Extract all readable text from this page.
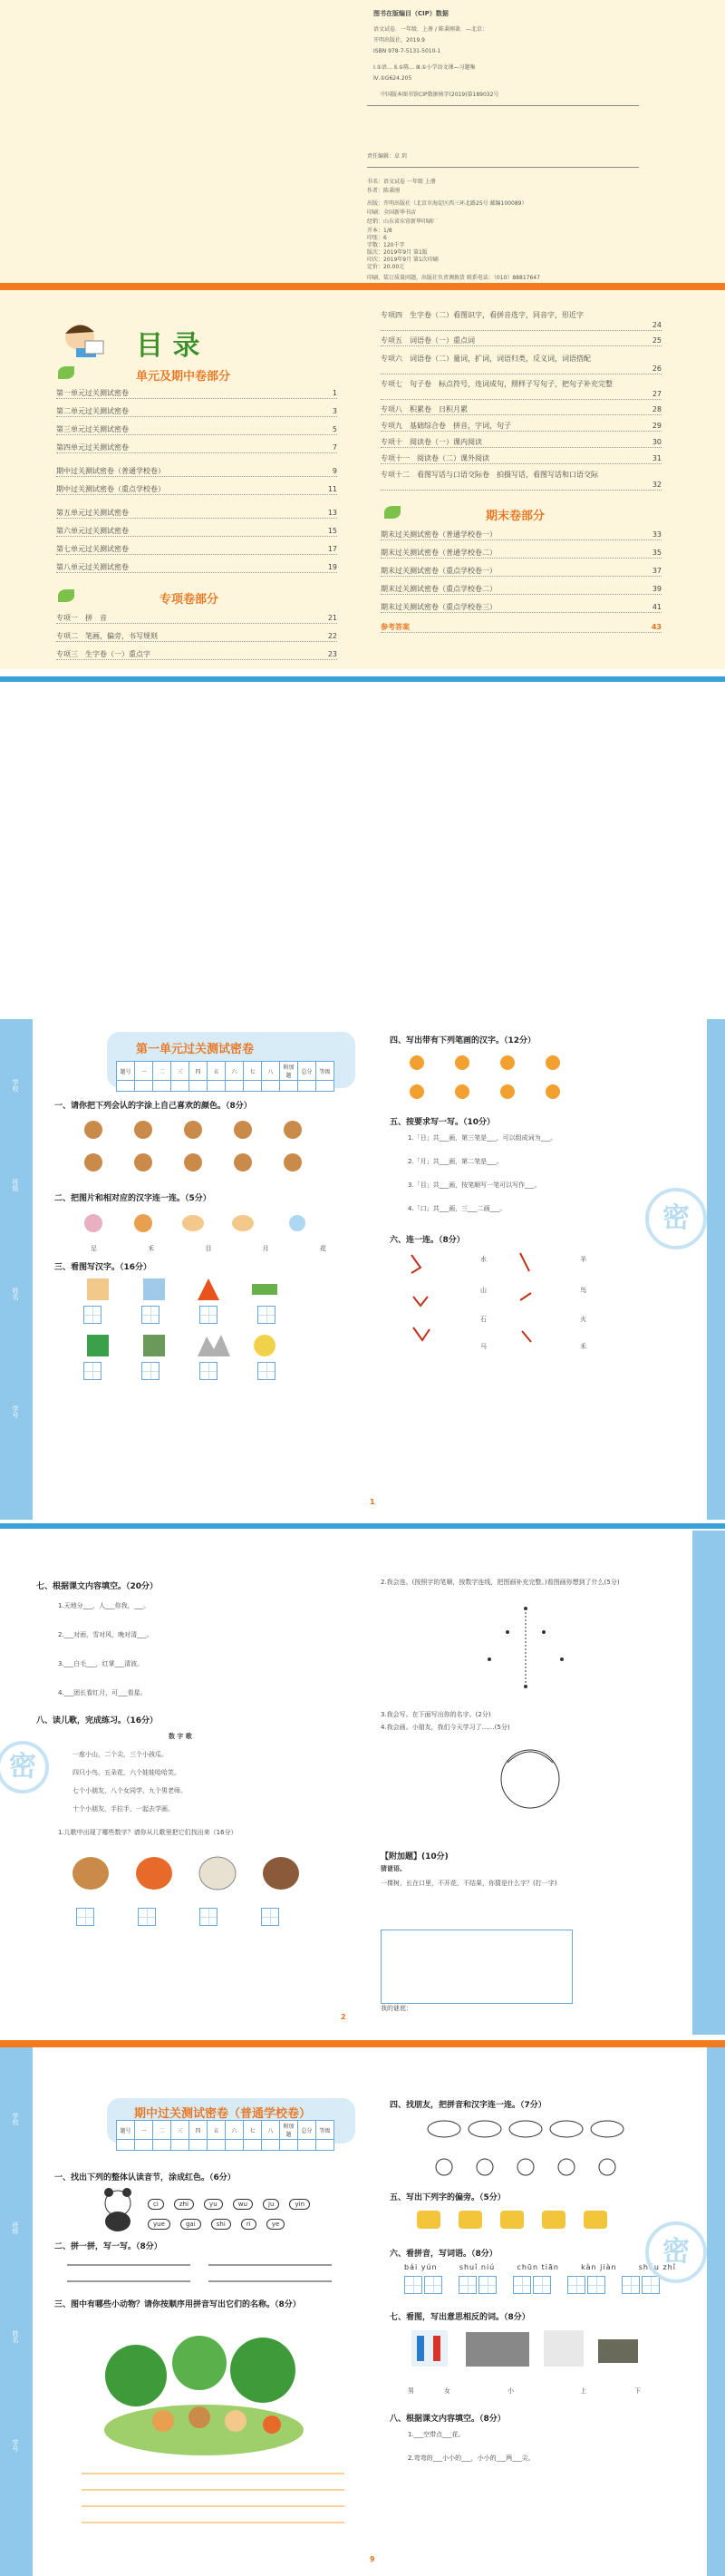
图书在版编目（CIP）数据
语文试卷．一年级．上册 / 陈秉刚著．—北京：
开明出版社，2019.9
ISBN 978-7-5131-5010-1
Ⅰ.①语… Ⅱ.①陈… Ⅲ.①小学语文课—习题集
Ⅳ.①G624.205
中国版本图书馆CIP数据核字(2019)第189032号
责任编辑：卓 玥
书名：语文试卷 一年级 上册
作者：陈秉刚
出版：开明出版社（北京市海淀区西三环北路25号 邮编100089）
印刷：全国新华书店
经销：山东省东营新华印刷厂
开本：1/8
印张：6
字数：120千字
版次：2019年9月 第1版
印次：2019年9月 第1次印刷
定价：20.00元
印刷、装订质量问题，出版社负责调换货 联系电话：（010）88817647
目 录
单元及期中卷部分
第一单元过关测试密卷	1
第二单元过关测试密卷	3
第三单元过关测试密卷	5
第四单元过关测试密卷	7
期中过关测试密卷（普通学校卷）	9
期中过关测试密卷（重点学校卷）	11
第五单元过关测试密卷	13
第六单元过关测试密卷	15
第七单元过关测试密卷	17
第八单元过关测试密卷	19
专项卷部分
专项一　拼　音	21
专项二　笔画，偏旁，书写规则	22
专项三　生字卷（一）重点字	23
专项四　生字卷（二）看图识字，看拼音选字，同音字，形近字
24
专项五　词语卷（一）重点词	25
专项六　词语卷（二）量词，扩词，词语归类，反义词，词语搭配
26
专项七　句子卷　标点符号，连词成句，照样子写句子，把句子补充完整
27
专项八　积累卷　日积月累	28
专项九　基础综合卷　拼音，字词，句子	29
专项十　阅读卷（一）课内阅读	30
专项十一　阅读卷（二）课外阅读	31
专项十二　看图写话与口语交际卷　拍摄写话，看图写话和口语交际
32
期末卷部分
期末过关测试密卷（普通学校卷一）	33
期末过关测试密卷（普通学校卷二）	35
期末过关测试密卷（重点学校卷一）	37
期末过关测试密卷（重点学校卷二）	39
期末过关测试密卷（重点学校卷三）	41
参考答案	43
学校
班级
姓名
学号
第一单元过关测试密卷
题号	一	二	三	四	五	六	七	八	附加题	总分	等级

一、请你把下列会认的字涂上自己喜欢的颜色。（8分）
二、把图片和相对应的汉字连一连。（5分）
足	禾	目	月	花
三、看图写汉字。（16分）
1
四、写出带有下列笔画的汉字。（12分）
五、按要求写一写。（10分）
1.「日」共___画，第三笔是___，可以组成词为___。
2.「月」共___画，第二笔是___。
3.「目」共___画，按笔顺写一笔可以写作___。
4.「口」共___画，三___二画___。
六、连一连。（8分）
水	羊
山	鸟
石	火
马	禾
密
七、根据课文内容填空。（20分）
1.天地分___，人___你我，___。
2.___对雨，雪对风，晚对清___。
3.___白毛___，红掌___清波。
4.___团长看红月，可___看星。
八、读儿歌，完成练习。（16分）
数 字 歌
一座小山，二个尖，三个小孩瓜。
四只小鸟，五朵花，六个娃娃哈哈笑。
七个小朋友，八个女同学，九个男老师。
十个小朋友，手拉手，一起去学画。
1.儿歌中出现了哪些数字？请你从儿歌里把它们找出来（16分）
密
2
2.我会连。(按照字的笔顺，按数字连线，把图画补充完整。)看图画你想到了什么(5分)
3.我会写。在下面写出你的名字。(2分)
4.我会画。小朋友，我们今天学习了……(5分)
【附加题】(10分)
猜谜语。
一棵树，长在口里，不开花，不结果，你猜是什么字？(打一字)
我的谜底：
学校
班级
姓名
学号
期中过关测试密卷（普通学校卷）
题号	一	二	三	四	五	六	七	八	附加题	总分	等级

一、找出下列的整体认读音节，涂成红色。（6分）
ci	zhi	yu	wu	ju	yin
yue	gai	shi	ri	ye
二、拼一拼，写一写。（8分）
三、图中有哪些小动物？请你按顺序用拼音写出它们的名称。（8分）
9
四、找朋友，把拼音和汉字连一连。（7分）
五、写出下列字的偏旁。（5分）
六、看拼音，写词语。（8分）
bái yún	shuǐ niú	chūn tiān	kàn jiàn	shǒu zhǐ
七、看图，写出意思相反的词。（8分）
男	女	小	上	下
八、根据课文内容填空。（8分）
1.___空带点___花。
2.弯弯的___小小的___，小小的___两___尖。
密
